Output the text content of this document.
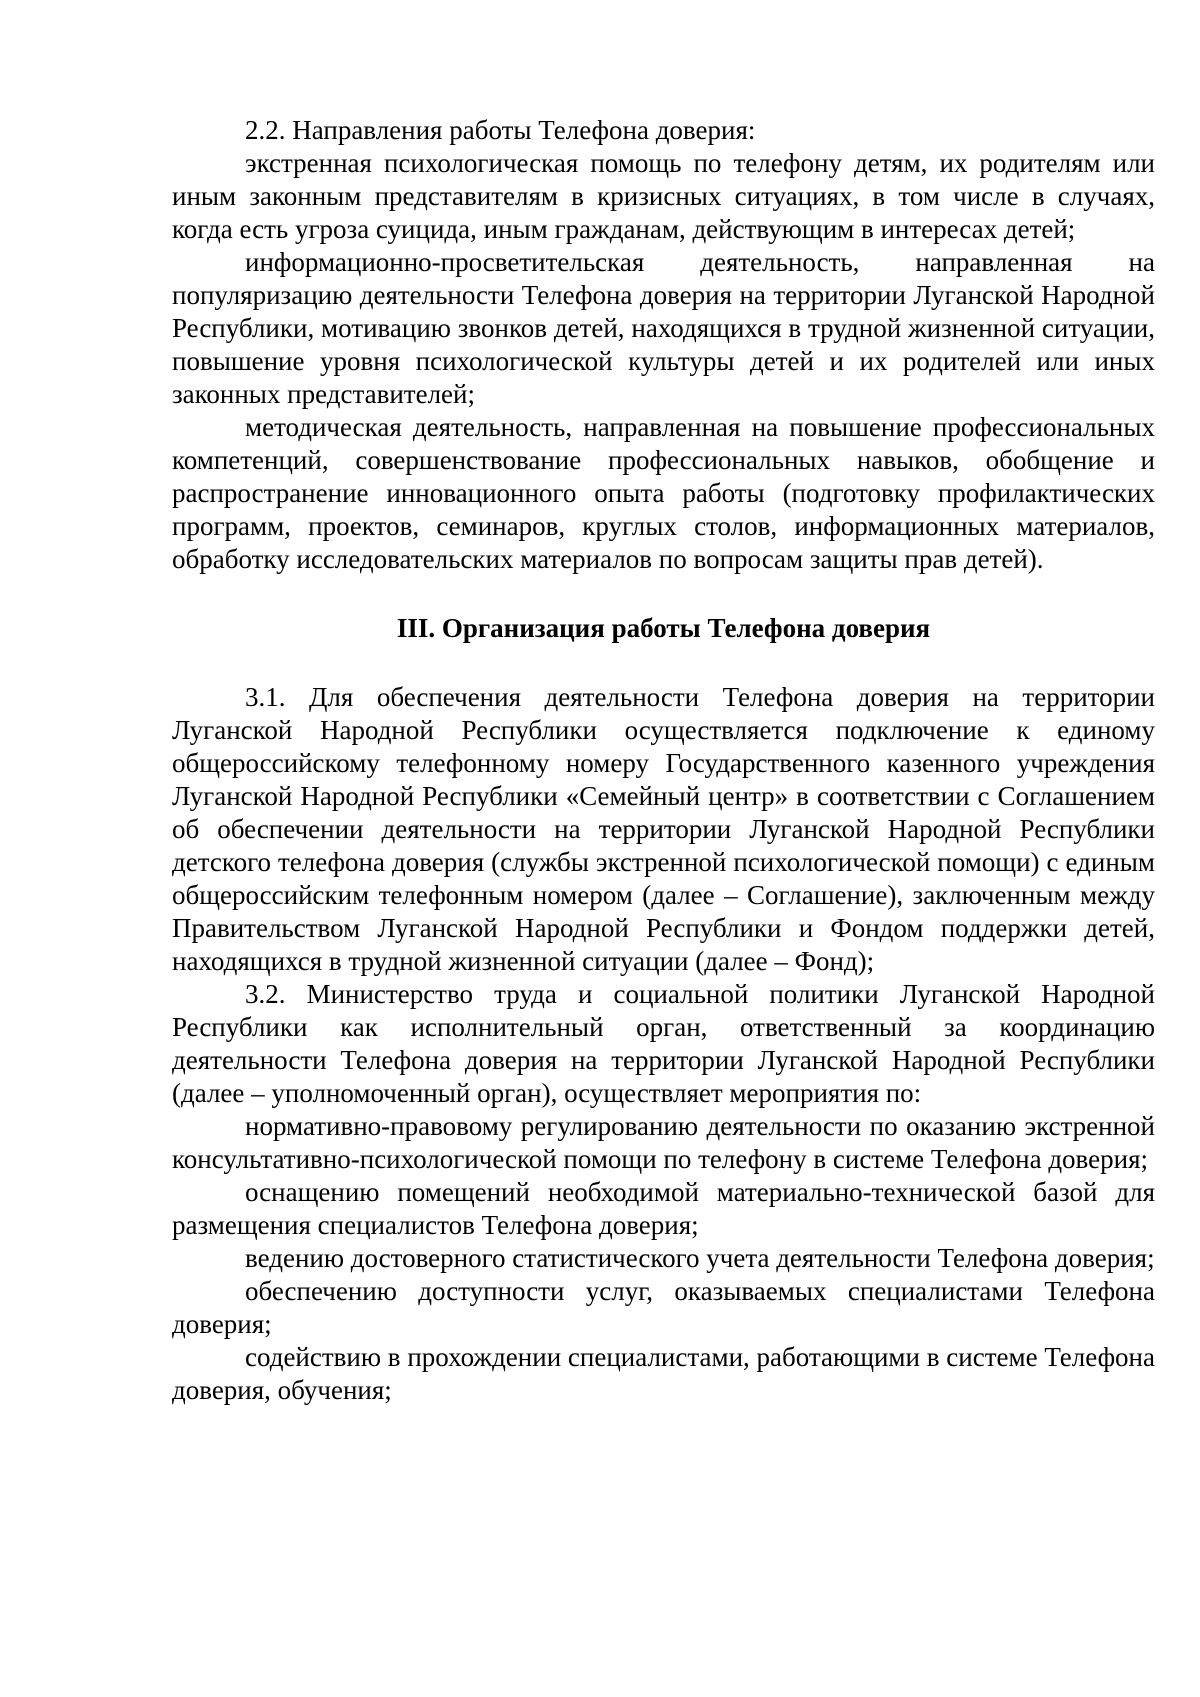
2.2. Направления работы Телефона доверия:

экстренная психологическая помощь по телефону детям, их родителям или иным законным представителям в кризисных ситуациях, в том числе в случаях, когда есть угроза суицида, иным гражданам, действующим в интересах детей;

информационно-просветительская деятельность, направленная на популяризацию деятельности Телефона доверия на территории Луганской Народной Республики, мотивацию звонков детей, находящихся в трудной жизненной ситуации, повышение уровня психологической культуры детей и их родителей или иных законных представителей;

методическая деятельность, направленная на повышение профессиональных компетенций, совершенствование профессиональных навыков, обобщение и распространение инновационного опыта работы (подготовку профилактических программ, проектов, семинаров, круглых столов, информационных материалов, обработку исследовательских материалов по вопросам защиты прав детей).

III. Организация работы Телефона доверия

3.1. Для обеспечения деятельности Телефона доверия на территории Луганской Народной Республики осуществляется подключение к единому общероссийскому телефонному номеру Государственного казенного учреждения Луганской Народной Республики «Семейный центр» в соответствии с Соглашением об обеспечении деятельности на территории Луганской Народной Республики детского телефона доверия (службы экстренной психологической помощи) с единым общероссийским телефонным номером (далее – Соглашение), заключенным между Правительством Луганской Народной Республики и Фондом поддержки детей, находящихся в трудной жизненной ситуации (далее – Фонд);

3.2. Министерство труда и социальной политики Луганской Народной Республики как исполнительный орган, ответственный за координацию деятельности Телефона доверия на территории Луганской Народной Республики (далее – уполномоченный орган), осуществляет мероприятия по:

нормативно-правовому регулированию деятельности по оказанию экстренной консультативно-психологической помощи по телефону в системе Телефона доверия;

оснащению помещений необходимой материально-технической базой для размещения специалистов Телефона доверия;

ведению достоверного статистического учета деятельности Телефона доверия;

обеспечению доступности услуг, оказываемых специалистами Телефона доверия;

содействию в прохождении специалистами, работающими в системе Телефона доверия, обучения;
